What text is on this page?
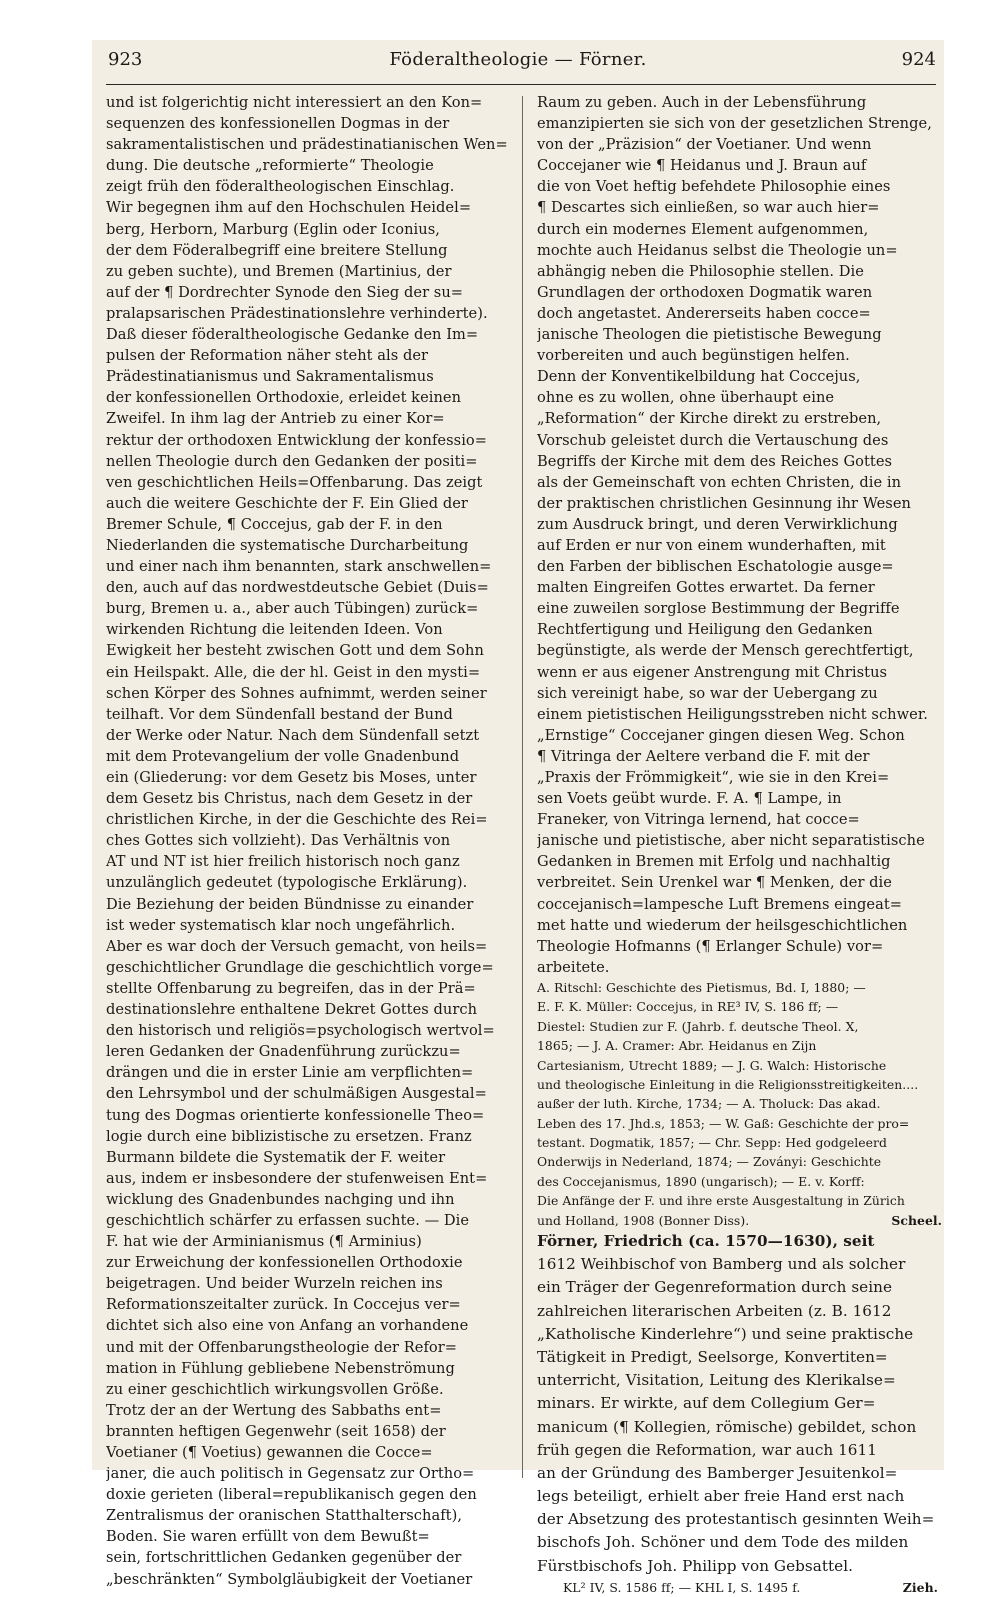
923	Föderaltheologie — Förner.	924
und ist folgerichtig nicht interessiert an den Kon=
sequenzen des konfessionellen Dogmas in der
sakramentalistischen und prädestinatianischen Wen=
dung. Die deutsche „reformierte“ Theologie
zeigt früh den föderaltheologischen Einschlag.
Wir begegnen ihm auf den Hochschulen Heidel=
berg, Herborn, Marburg (Eglin oder Iconius,
der dem Föderalbegriff eine breitere Stellung
zu geben suchte), und Bremen (Martinius, der
auf der ¶ Dordrechter Synode den Sieg der su=
pralapsarischen Prädestinationslehre verhinderte).
Daß dieser föderaltheologische Gedanke den Im=
pulsen der Reformation näher steht als der
Prädestinatianismus und Sakramentalismus
der konfessionellen Orthodoxie, erleidet keinen
Zweifel. In ihm lag der Antrieb zu einer Kor=
rektur der orthodoxen Entwicklung der konfessio=
nellen Theologie durch den Gedanken der positi=
ven geschichtlichen Heils=Offenbarung. Das zeigt
auch die weitere Geschichte der F. Ein Glied der
Bremer Schule, ¶ Coccejus, gab der F. in den
Niederlanden die systematische Durcharbeitung
und einer nach ihm benannten, stark anschwellen=
den, auch auf das nordwestdeutsche Gebiet (Duis=
burg, Bremen u. a., aber auch Tübingen) zurück=
wirkenden Richtung die leitenden Ideen. Von
Ewigkeit her besteht zwischen Gott und dem Sohn
ein Heilspakt. Alle, die der hl. Geist in den mysti=
schen Körper des Sohnes aufnimmt, werden seiner
teilhaft. Vor dem Sündenfall bestand der Bund
der Werke oder Natur. Nach dem Sündenfall setzt
mit dem Protevangelium der volle Gnadenbund
ein (Gliederung: vor dem Gesetz bis Moses, unter
dem Gesetz bis Christus, nach dem Gesetz in der
christlichen Kirche, in der die Geschichte des Rei=
ches Gottes sich vollzieht). Das Verhältnis von
AT und NT ist hier freilich historisch noch ganz
unzulänglich gedeutet (typologische Erklärung).
Die Beziehung der beiden Bündnisse zu einander
ist weder systematisch klar noch ungefährlich.
Aber es war doch der Versuch gemacht, von heils=
geschichtlicher Grundlage die geschichtlich vorge=
stellte Offenbarung zu begreifen, das in der Prä=
destinationslehre enthaltene Dekret Gottes durch
den historisch und religiös=psychologisch wertvol=
leren Gedanken der Gnadenführung zurückzu=
drängen und die in erster Linie am verpflichten=
den Lehrsymbol und der schulmäßigen Ausgestal=
tung des Dogmas orientierte konfessionelle Theo=
logie durch eine biblizistische zu ersetzen. Franz
Burmann bildete die Systematik der F. weiter
aus, indem er insbesondere der stufenweisen Ent=
wicklung des Gnadenbundes nachging und ihn
geschichtlich schärfer zu erfassen suchte. — Die
F. hat wie der Arminianismus (¶ Arminius)
zur Erweichung der konfessionellen Orthodoxie
beigetragen. Und beider Wurzeln reichen ins
Reformationszeitalter zurück. In Coccejus ver=
dichtet sich also eine von Anfang an vorhandene
und mit der Offenbarungstheologie der Refor=
mation in Fühlung gebliebene Nebenströmung
zu einer geschichtlich wirkungsvollen Größe.
Trotz der an der Wertung des Sabbaths ent=
brannten heftigen Gegenwehr (seit 1658) der
Voetianer (¶ Voetius) gewannen die Cocce=
janer, die auch politisch in Gegensatz zur Ortho=
doxie gerieten (liberal=republikanisch gegen den
Zentralismus der oranischen Statthalterschaft),
Boden. Sie waren erfüllt von dem Bewußt=
sein, fortschrittlichen Gedanken gegenüber der
„beschränkten“ Symbolgläubigkeit der Voetianer
Raum zu geben. Auch in der Lebensführung
emanzipierten sie sich von der gesetzlichen Strenge,
von der „Präzision“ der Voetianer. Und wenn
Coccejaner wie ¶ Heidanus und J. Braun auf
die von Voet heftig befehdete Philosophie eines
¶ Descartes sich einließen, so war auch hier=
durch ein modernes Element aufgenommen,
mochte auch Heidanus selbst die Theologie un=
abhängig neben die Philosophie stellen. Die
Grundlagen der orthodoxen Dogmatik waren
doch angetastet. Andererseits haben cocce=
janische Theologen die pietistische Bewegung
vorbereiten und auch begünstigen helfen.
Denn der Konventikelbildung hat Coccejus,
ohne es zu wollen, ohne überhaupt eine
„Reformation“ der Kirche direkt zu erstreben,
Vorschub geleistet durch die Vertauschung des
Begriffs der Kirche mit dem des Reiches Gottes
als der Gemeinschaft von echten Christen, die in
der praktischen christlichen Gesinnung ihr Wesen
zum Ausdruck bringt, und deren Verwirklichung
auf Erden er nur von einem wunderhaften, mit
den Farben der biblischen Eschatologie ausge=
malten Eingreifen Gottes erwartet. Da ferner
eine zuweilen sorglose Bestimmung der Begriffe
Rechtfertigung und Heiligung den Gedanken
begünstigte, als werde der Mensch gerechtfertigt,
wenn er aus eigener Anstrengung mit Christus
sich vereinigt habe, so war der Uebergang zu
einem pietistischen Heiligungsstreben nicht schwer.
„Ernstige“ Coccejaner gingen diesen Weg. Schon
¶ Vitringa der Aeltere verband die F. mit der
„Praxis der Frömmigkeit“, wie sie in den Krei=
sen Voets geübt wurde. F. A. ¶ Lampe, in
Franeker, von Vitringa lernend, hat cocce=
janische und pietistische, aber nicht separatistische
Gedanken in Bremen mit Erfolg und nachhaltig
verbreitet. Sein Urenkel war ¶ Menken, der die
coccejanisch=lampesche Luft Bremens eingeat=
met hatte und wiederum der heilsgeschichtlichen
Theologie Hofmanns (¶ Erlanger Schule) vor=
arbeitete.
A. Ritschl: Geschichte des Pietismus, Bd. I, 1880; —
E. F. K. Müller: Coccejus, in RE³ IV, S. 186 ff; —
Diestel: Studien zur F. (Jahrb. f. deutsche Theol. X,
1865; — J. A. Cramer: Abr. Heidanus en Zijn
Cartesianism, Utrecht 1889; — J. G. Walch: Historische
und theologische Einleitung in die Religionsstreitigkeiten....
außer der luth. Kirche, 1734; — A. Tholuck: Das akad.
Leben des 17. Jhd.s, 1853; — W. Gaß: Geschichte der pro=
testant. Dogmatik, 1857; — Chr. Sepp: Hed godgeleerd
Onderwijs in Nederland, 1874; — Zoványi: Geschichte
des Coccejanismus, 1890 (ungarisch); — E. v. Korff:
Die Anfänge der F. und ihre erste Ausgestaltung in Zürich
und Holland, 1908 (Bonner Diss).	Scheel.
Förner, Friedrich (ca. 1570—1630), seit
1612 Weihbischof von Bamberg und als solcher
ein Träger der Gegenreformation durch seine
zahlreichen literarischen Arbeiten (z. B. 1612
„Katholische Kinderlehre“) und seine praktische
Tätigkeit in Predigt, Seelsorge, Konvertiten=
unterricht, Visitation, Leitung des Klerikalse=
minars. Er wirkte, auf dem Collegium Ger=
manicum (¶ Kollegien, römische) gebildet, schon
früh gegen die Reformation, war auch 1611
an der Gründung des Bamberger Jesuitenkol=
legs beteiligt, erhielt aber freie Hand erst nach
der Absetzung des protestantisch gesinnten Weih=
bischofs Joh. Schöner und dem Tode des milden
Fürstbischofs Joh. Philipp von Gebsattel.
KL² IV, S. 1586 ff; — KHL I, S. 1495 f.	Zieh.
